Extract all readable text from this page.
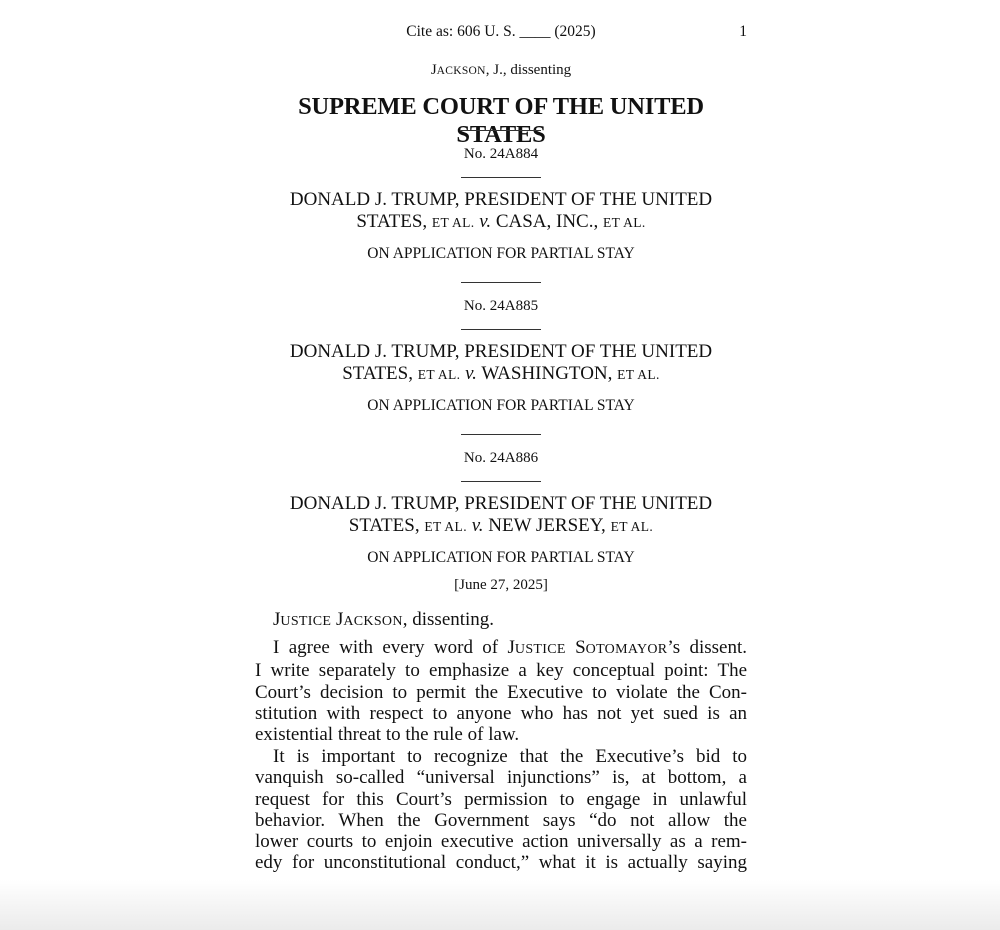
Cite as: 606 U. S. ____ (2025)	1
JACKSON, J., dissenting
SUPREME COURT OF THE UNITED STATES
No. 24A884
DONALD J. TRUMP, PRESIDENT OF THE UNITED
STATES, ET AL. v. CASA, INC., ET AL.
ON APPLICATION FOR PARTIAL STAY
No. 24A885
DONALD J. TRUMP, PRESIDENT OF THE UNITED
STATES, ET AL. v. WASHINGTON, ET AL.
ON APPLICATION FOR PARTIAL STAY
No. 24A886
DONALD J. TRUMP, PRESIDENT OF THE UNITED
STATES, ET AL. v. NEW JERSEY, ET AL.
ON APPLICATION FOR PARTIAL STAY
[June 27, 2025]
JUSTICE JACKSON, dissenting.
I agree with every word of JUSTICE SOTOMAYOR’s dissent.
I write separately to emphasize a key conceptual point: The
Court’s decision to permit the Executive to violate the Con-
stitution with respect to anyone who has not yet sued is an
existential threat to the rule of law.
It is important to recognize that the Executive’s bid to
vanquish so-called “universal injunctions” is, at bottom, a
request for this Court’s permission to engage in unlawful
behavior. When the Government says “do not allow the
lower courts to enjoin executive action universally as a rem-
edy for unconstitutional conduct,” what it is actually saying
